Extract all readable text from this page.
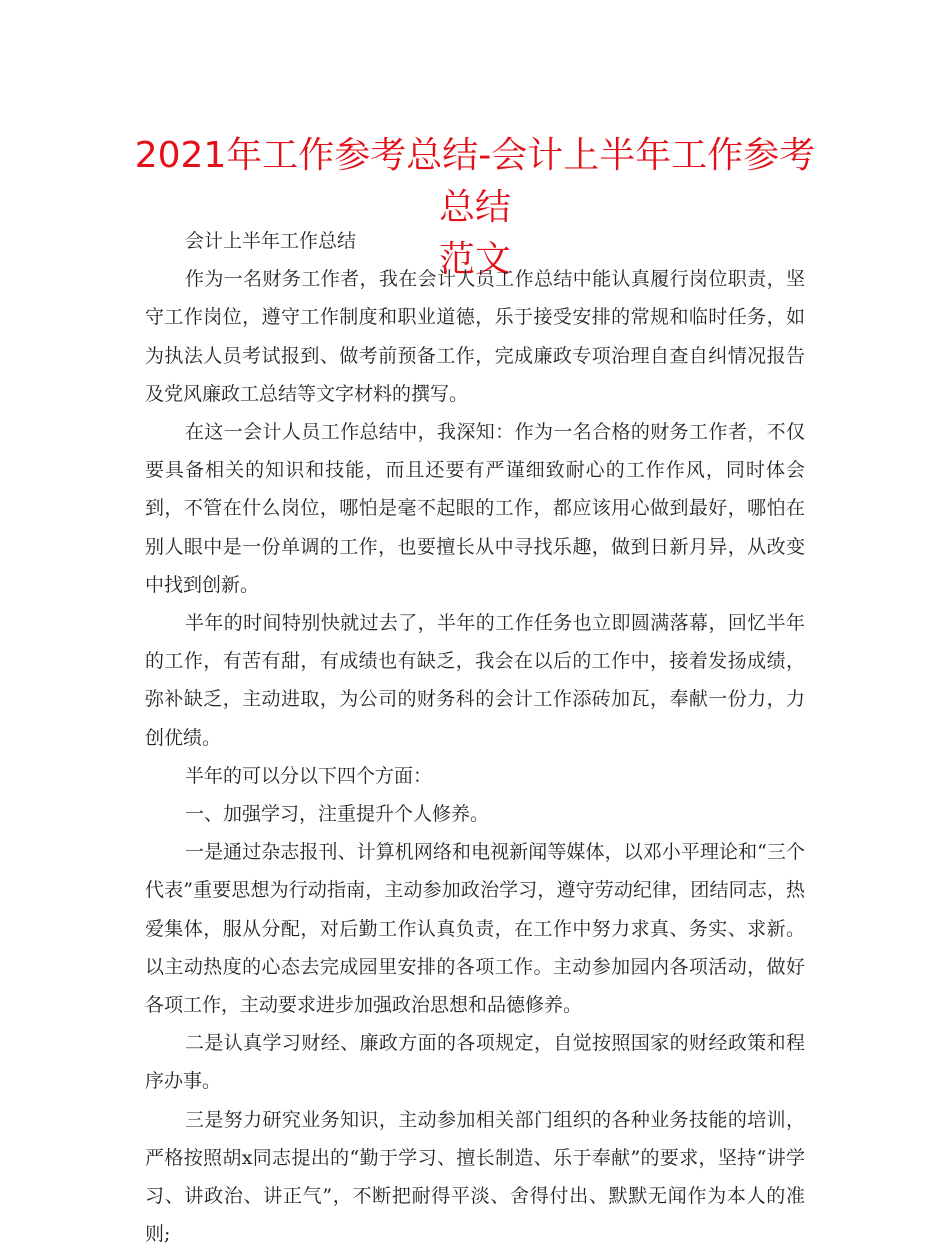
2021年工作参考总结-会计上半年工作参考总结
范文

会计上半年工作总结

作为一名财务工作者，我在会计人员工作总结中能认真履行岗位职责，坚守工作岗位，遵守工作制度和职业道德，乐于接受安排的常规和临时任务，如为执法人员考试报到、做考前预备工作，完成廉政专项治理自查自纠情况报告及党风廉政工总结等文字材料的撰写。

在这一会计人员工作总结中，我深知：作为一名合格的财务工作者，不仅要具备相关的知识和技能，而且还要有严谨细致耐心的工作作风，同时体会到，不管在什么岗位，哪怕是毫不起眼的工作，都应该用心做到最好，哪怕在别人眼中是一份单调的工作，也要擅长从中寻找乐趣，做到日新月异，从改变中找到创新。

半年的时间特别快就过去了，半年的工作任务也立即圆满落幕，回忆半年的工作，有苦有甜，有成绩也有缺乏，我会在以后的工作中，接着发扬成绩，弥补缺乏，主动进取，为公司的财务科的会计工作添砖加瓦，奉献一份力，力创优绩。

半年的可以分以下四个方面：

一、加强学习，注重提升个人修养。

一是通过杂志报刊、计算机网络和电视新闻等媒体，以邓小平理论和“三个代表”重要思想为行动指南，主动参加政治学习，遵守劳动纪律，团结同志，热爱集体，服从分配，对后勤工作认真负责，在工作中努力求真、务实、求新。以主动热度的心态去完成园里安排的各项工作。主动参加园内各项活动，做好各项工作，主动要求进步加强政治思想和品德修养。

二是认真学习财经、廉政方面的各项规定，自觉按照国家的财经政策和程序办事。

三是努力研究业务知识，主动参加相关部门组织的各种业务技能的培训，严格按照胡x同志提出的“勤于学习、擅长制造、乐于奉献”的要求，坚持“讲学习、讲政治、讲正气”，不断把耐得平淡、舍得付出、默默无闻作为本人的准则;
